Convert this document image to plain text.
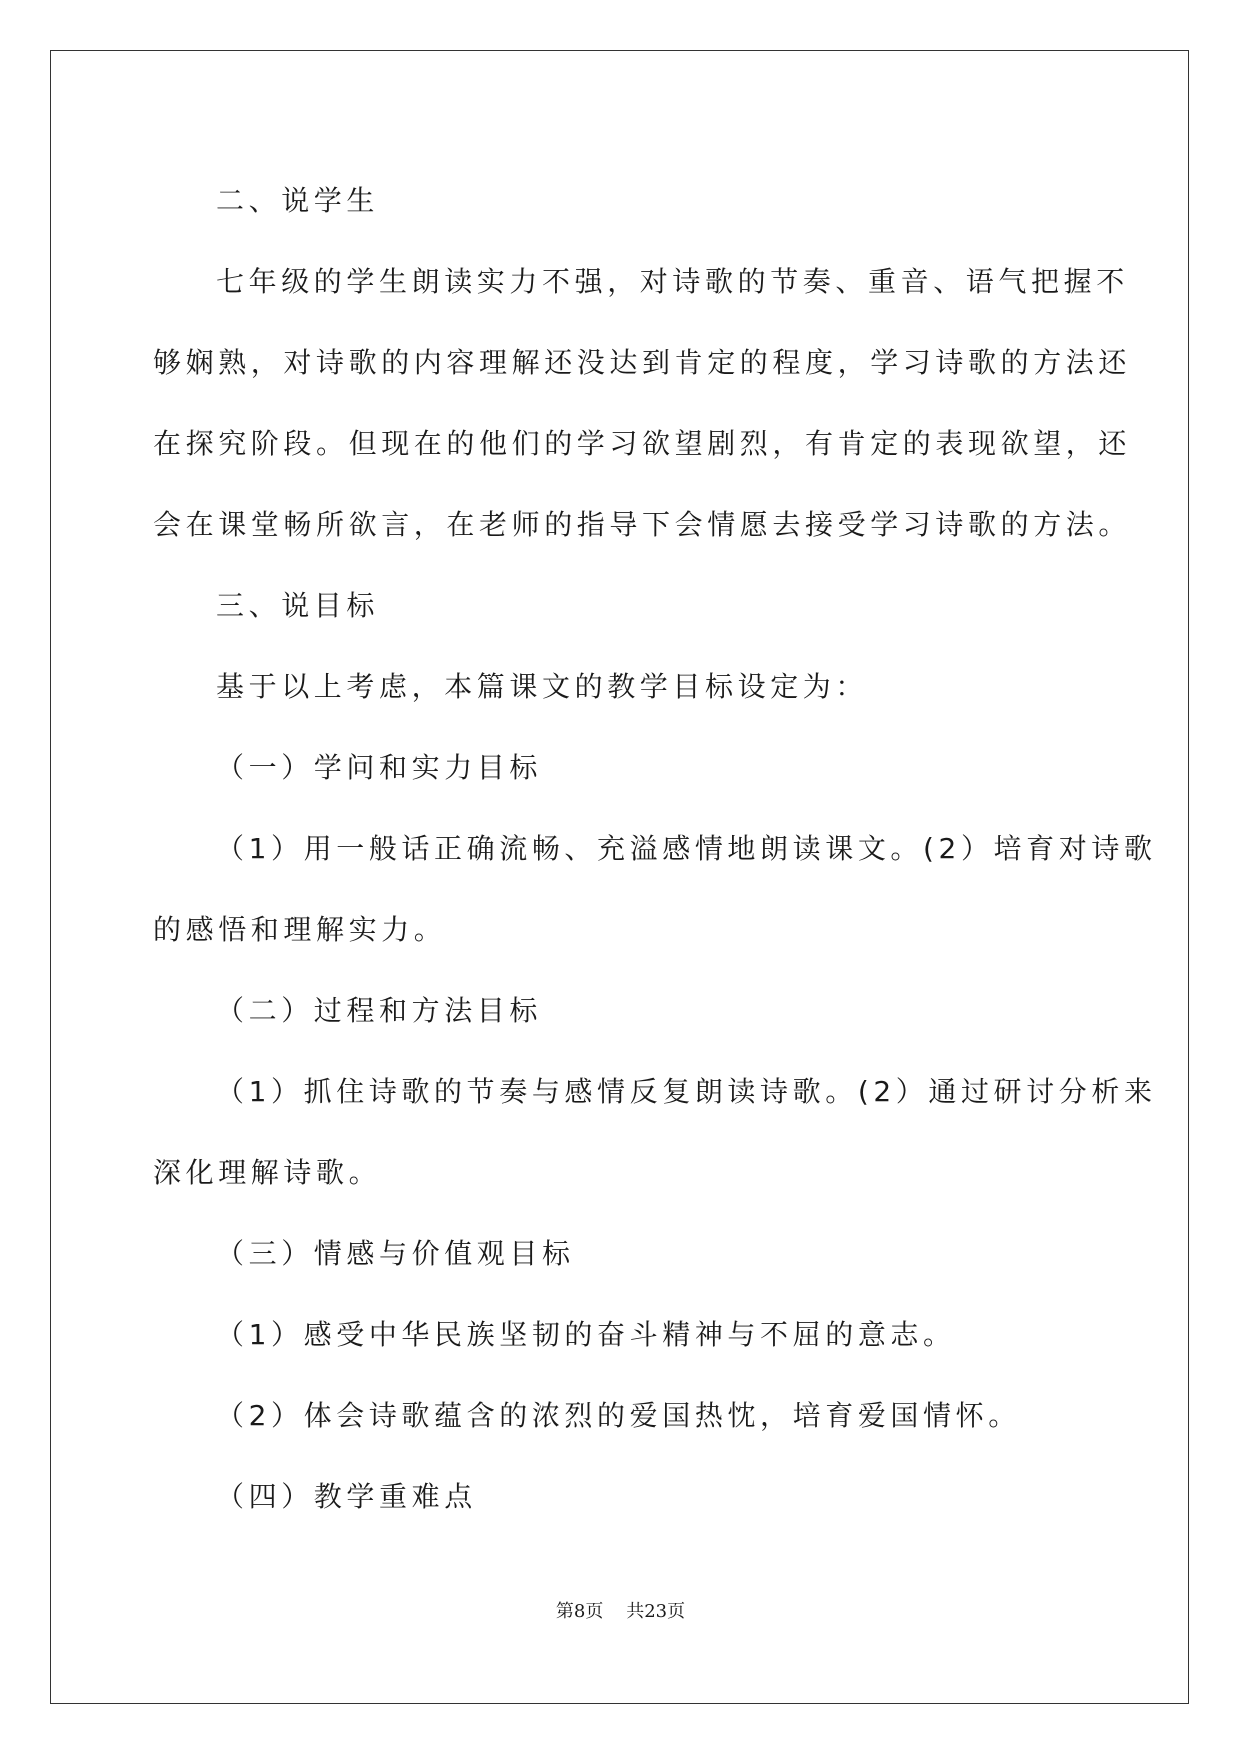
二、说学生

七年级的学生朗读实力不强，对诗歌的节奏、重音、语气把握不
够娴熟，对诗歌的内容理解还没达到肯定的程度，学习诗歌的方法还
在探究阶段。但现在的他们的学习欲望剧烈，有肯定的表现欲望，还
会在课堂畅所欲言，在老师的指导下会情愿去接受学习诗歌的方法。

三、说目标

基于以上考虑，本篇课文的教学目标设定为：

（一）学问和实力目标

（1）用一般话正确流畅、充溢感情地朗读课文。(2）培育对诗歌
的感悟和理解实力。

（二）过程和方法目标

（1）抓住诗歌的节奏与感情反复朗读诗歌。(2）通过研讨分析来
深化理解诗歌。

（三）情感与价值观目标

（1）感受中华民族坚韧的奋斗精神与不屈的意志。

（2）体会诗歌蕴含的浓烈的爱国热忱，培育爱国情怀。

（四）教学重难点

第8页 共23页
